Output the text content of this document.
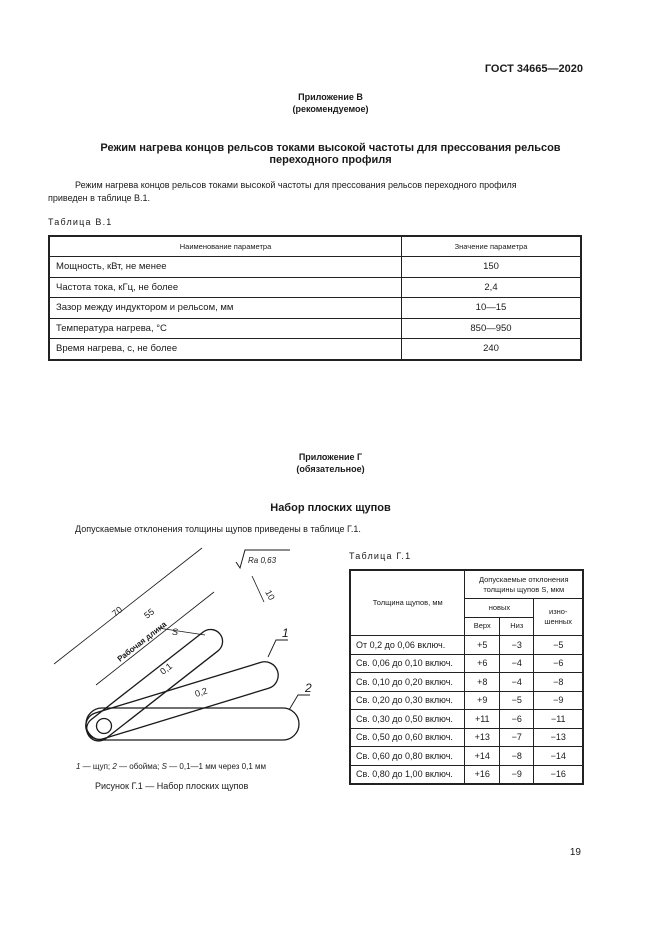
ГОСТ 34665—2020
Приложение В
(рекомендуемое)
Режим нагрева концов рельсов токами высокой частоты для прессования рельсов
переходного профиля
Режим нагрева концов рельсов токами высокой частоты для прессования рельсов переходного профиля
приведен в таблице В.1.
Таблица В.1
Наименование параметра	Значение параметра
Мощность, кВт, не менее	150
Частота тока, кГц, не более	2,4
Зазор между индуктором и рельсом, мм	10—15
Температура нагрева, °С	850—950
Время нагрева, с, не более	240
Приложение Г
(обязательное)
Набор плоских щупов
Допускаемые отклонения толщины щупов приведены в таблице Г.1.
Ra 0,63
70 55
10
Рабочая длина S
0,1
0,2
1
2
1 — щуп; 2 — обойма; S — 0,1—1 мм через 0,1 мм
Рисунок Г.1 — Набор плоских щупов
Таблица Г.1
Толщина щупов, мм	Допускаемые отклонения
толщины щупов S, мкм		

	новых		изно- шенных
	Верх	Низ	
От 0,2 до 0,06 включ.	+5	−3	−5
Св. 0,06 до 0,10 включ.	+6	−4	−6
Св. 0,10 до 0,20 включ.	+8	−4	−8
Св. 0,20 до 0,30 включ.	+9	−5	−9
Св. 0,30 до 0,50 включ.	+11	−6	−11
Св. 0,50 до 0,60 включ.	+13	−7	−13
Св. 0,60 до 0,80 включ.	+14	−8	−14
Св. 0,80 до 1,00 включ.	+16	−9	−16
19
